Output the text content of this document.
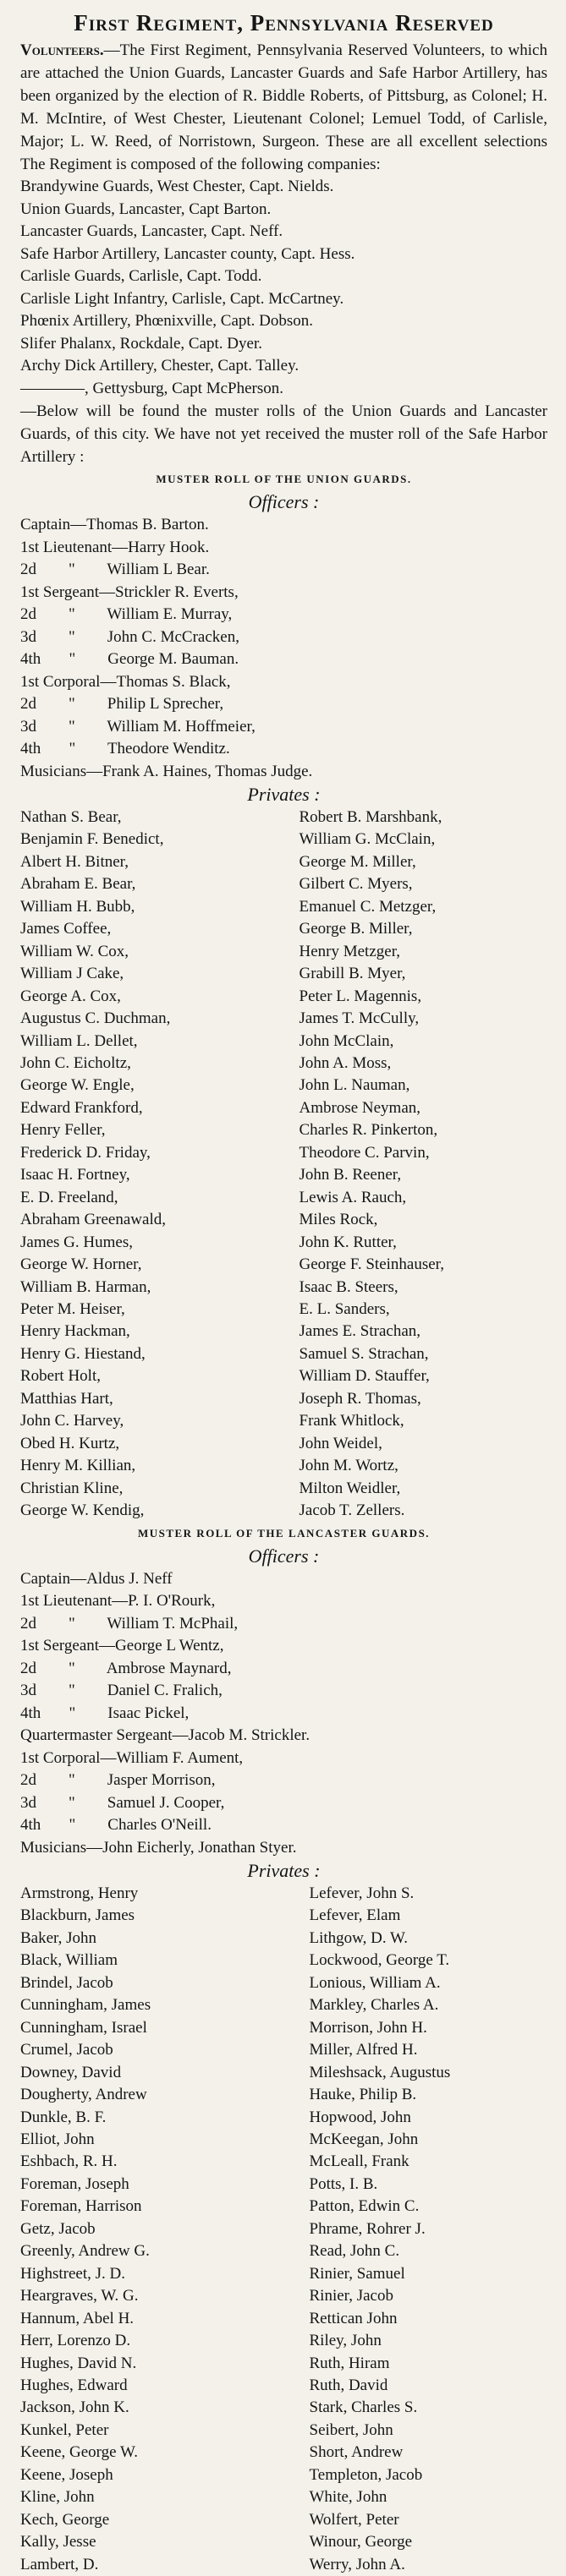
First Regiment, Pennsylvania Reserved

Volunteers.—The First Regiment, Pennsylvania Reserved Volunteers, to which are attached the Union Guards, Lancaster Guards and Safe Harbor Artillery, has been organized by the election of R. Biddle Roberts, of Pittsburg, as Colonel; H. M. McIntire, of West Chester, Lieutenant Colonel; Lemuel Todd, of Carlisle, Major; L. W. Reed, of Norristown, Surgeon. These are all excellent selections The Regiment is composed of the following companies:

Brandywine Guards, West Chester, Capt. Nields.
Union Guards, Lancaster, Capt Barton.
Lancaster Guards, Lancaster, Capt. Neff.
Safe Harbor Artillery, Lancaster county, Capt. Hess.
Carlisle Guards, Carlisle, Capt. Todd.
Carlisle Light Infantry, Carlisle, Capt. McCartney.
Phœnix Artillery, Phœnixville, Capt. Dobson.
Slifer Phalanx, Rockdale, Capt. Dyer.
Archy Dick Artillery, Chester, Capt. Talley.
————, Gettysburg, Capt McPherson.

—Below will be found the muster rolls of the Union Guards and Lancaster Guards, of this city. We have not yet received the muster roll of the Safe Harbor Artillery :

MUSTER ROLL OF THE UNION GUARDS.
Officers :
Captain—Thomas B. Barton.
1st Lieutenant—Harry Hook.
2d        "        William L Bear.
1st Sergeant—Strickler R. Everts,
2d        "        William E. Murray,
3d        "        John C. McCracken,
4th       "        George M. Bauman.
1st Corporal—Thomas S. Black,
2d        "        Philip L Sprecher,
3d        "        William M. Hoffmeier,
4th       "        Theodore Wenditz.
Musicians—Frank A. Haines, Thomas Judge.
Privates :
Nathan S. Bear,	Robert B. Marshbank,
Benjamin F. Benedict,	William G. McClain,
Albert H. Bitner,	George M. Miller,
Abraham E. Bear,	Gilbert C. Myers,
William H. Bubb,	Emanuel C. Metzger,
James Coffee,	George B. Miller,
William W. Cox,	Henry Metzger,
William J Cake,	Grabill B. Myer,
George A. Cox,	Peter L. Magennis,
Augustus C. Duchman,	James T. McCully,
William L. Dellet,	John McClain,
John C. Eicholtz,	John A. Moss,
George W. Engle,	John L. Nauman,
Edward Frankford,	Ambrose Neyman,
Henry Feller,	Charles R. Pinkerton,
Frederick D. Friday,	Theodore C. Parvin,
Isaac H. Fortney,	John B. Reener,
E. D. Freeland,	Lewis A. Rauch,
Abraham Greenawald,	Miles Rock,
James G. Humes,	John K. Rutter,
George W. Horner,	George F. Steinhauser,
William B. Harman,	Isaac B. Steers,
Peter M. Heiser,	E. L. Sanders,
Henry Hackman,	James E. Strachan,
Henry G. Hiestand,	Samuel S. Strachan,
Robert Holt,	William D. Stauffer,
Matthias Hart,	Joseph R. Thomas,
John C. Harvey,	Frank Whitlock,
Obed H. Kurtz,	John Weidel,
Henry M. Killian,	John M. Wortz,
Christian Kline,	Milton Weidler,
George W. Kendig,	Jacob T. Zellers.
MUSTER ROLL OF THE LANCASTER GUARDS.
Officers :
Captain—Aldus J. Neff
1st Lieutenant—P. I. O'Rourk,
2d        "        William T. McPhail,
1st Sergeant—George L Wentz,
2d        "        Ambrose Maynard,
3d        "        Daniel C. Fralich,
4th       "        Isaac Pickel,
Quartermaster Sergeant—Jacob M. Strickler.
1st Corporal—William F. Aument,
2d        "        Jasper Morrison,
3d        "        Samuel J. Cooper,
4th       "        Charles O'Neill.
Musicians—John Eicherly, Jonathan Styer.
Privates :
Armstrong, Henry	Lefever, John S.
Blackburn, James	Lefever, Elam
Baker, John	Lithgow, D. W.
Black, William	Lockwood, George T.
Brindel, Jacob	Lonious, William A.
Cunningham, James	Markley, Charles A.
Cunningham, Israel	Morrison, John H.
Crumel, Jacob	Miller, Alfred H.
Downey, David	Mileshsack, Augustus
Dougherty, Andrew	Hauke, Philip B.
Dunkle, B. F.	Hopwood, John
Elliot, John	McKeegan, John
Eshbach, R. H.	McLeall, Frank
Foreman, Joseph	Potts, I. B.
Foreman, Harrison	Patton, Edwin C.
Getz, Jacob	Phrame, Rohrer J.
Greenly, Andrew G.	Read, John C.
Highstreet, J. D.	Rinier, Samuel
Heargraves, W. G.	Rinier, Jacob
Hannum, Abel H.	Rettican John
Herr, Lorenzo D.	Riley, John
Hughes, David N.	Ruth, Hiram
Hughes, Edward	Ruth, David
Jackson, John K.	Stark, Charles S.
Kunkel, Peter	Seibert, John
Keene, George W.	Short, Andrew
Keene, Joseph	Templeton, Jacob
Kline, John	White, John
Kech, George	Wolfert, Peter
Kally, Jesse	Winour, George
Lambert, D.	Werry, John A.
